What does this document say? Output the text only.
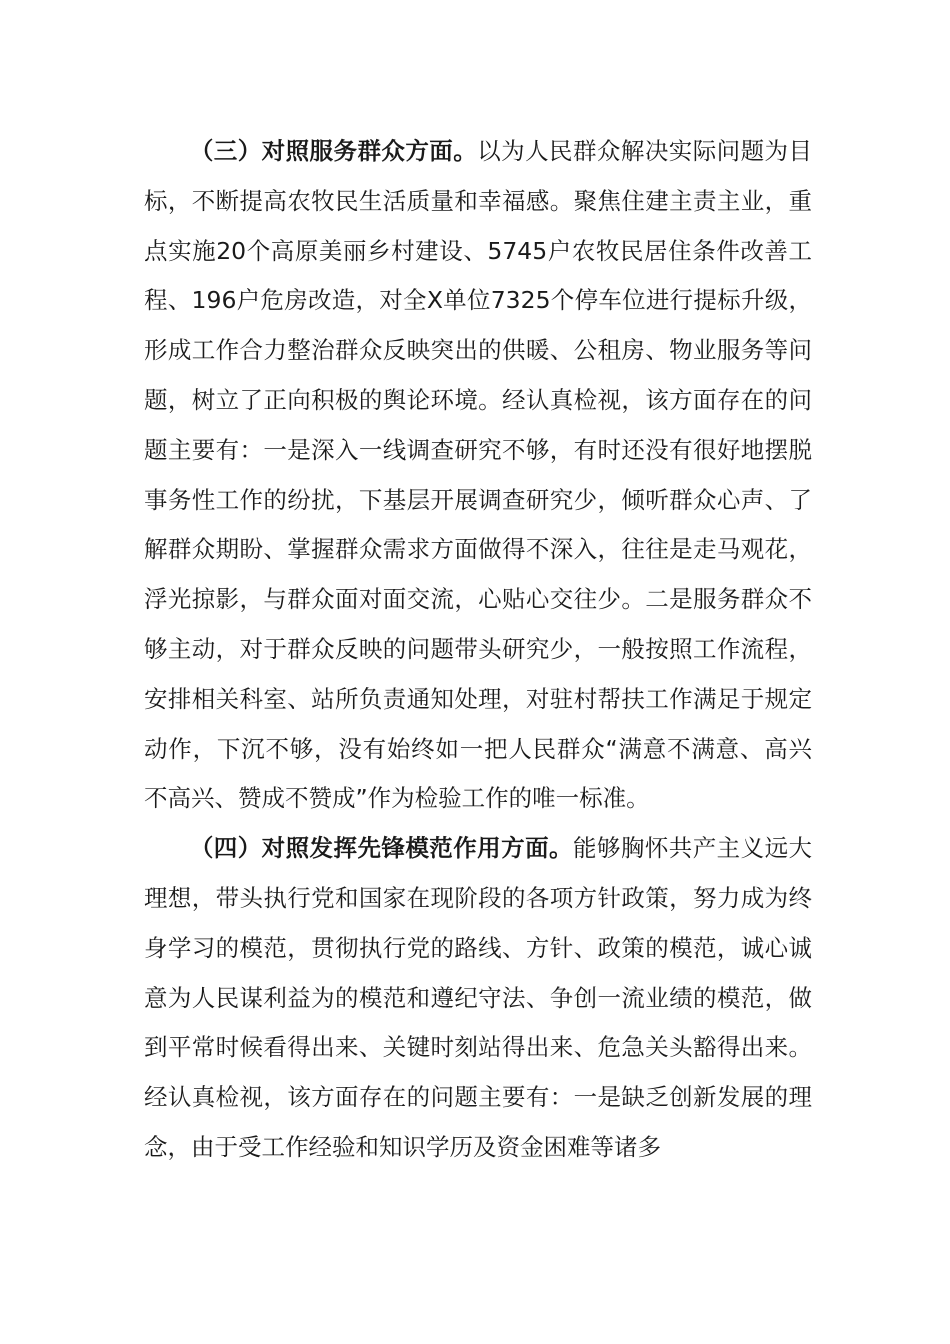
（三）对照服务群众方面。以为人民群众解决实际问题为目标，不断提高农牧民生活质量和幸福感。聚焦住建主责主业，重点实施20个高原美丽乡村建设、5745户农牧民居住条件改善工程、196户危房改造，对全X单位7325个停车位进行提标升级，形成工作合力整治群众反映突出的供暖、公租房、物业服务等问题，树立了正向积极的舆论环境。经认真检视，该方面存在的问题主要有：一是深入一线调查研究不够，有时还没有很好地摆脱事务性工作的纷扰，下基层开展调查研究少，倾听群众心声、了解群众期盼、掌握群众需求方面做得不深入，往往是走马观花，浮光掠影，与群众面对面交流，心贴心交往少。二是服务群众不够主动，对于群众反映的问题带头研究少，一般按照工作流程，安排相关科室、站所负责通知处理，对驻村帮扶工作满足于规定动作，下沉不够，没有始终如一把人民群众“满意不满意、高兴不高兴、赞成不赞成”作为检验工作的唯一标准。

（四）对照发挥先锋模范作用方面。能够胸怀共产主义远大理想，带头执行党和国家在现阶段的各项方针政策，努力成为终身学习的模范，贯彻执行党的路线、方针、政策的模范，诚心诚意为人民谋利益为的模范和遵纪守法、争创一流业绩的模范，做到平常时候看得出来、关键时刻站得出来、危急关头豁得出来。经认真检视，该方面存在的问题主要有：一是缺乏创新发展的理念，由于受工作经验和知识学历及资金困难等诸多
